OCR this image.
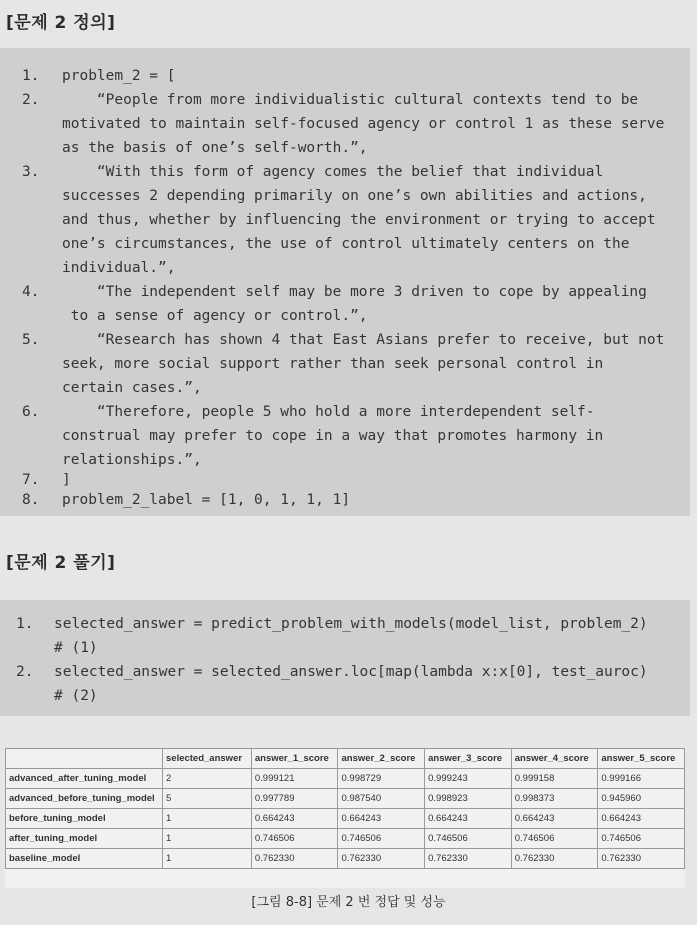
[문제 2 정의]
1. problem_2 = [
2. “People from more individualistic cultural contexts tend to be
motivated to maintain self-focused agency or control 1 as these serve
as the basis of one’s self-worth.”,
3. “With this form of agency comes the belief that individual
successes 2 depending primarily on one’s own abilities and actions,
and thus, whether by influencing the environment or trying to accept
one’s circumstances, the use of control ultimately centers on the
individual.”,
4. “The independent self may be more 3 driven to cope by appealing
to a sense of agency or control.”,
5. “Research has shown 4 that East Asians prefer to receive, but not
seek, more social support rather than seek personal control in
certain cases.”,
6. “Therefore, people 5 who hold a more interdependent self-
construal may prefer to cope in a way that promotes harmony in
relationships.”,
7. ]
8. problem_2_label = [1, 0, 1, 1, 1]
[문제 2 풀기]
1. selected_answer = predict_problem_with_models(model_list, problem_2)
# (1)
2. selected_answer = selected_answer.loc[map(lambda x:x[0], test_auroc)
# (2)
	selected_answer	answer_1_score	answer_2_score	answer_3_score	answer_4_score	answer_5_score
advanced_after_tuning_model	2	0.999121	0.998729	0.999243	0.999158	0.999166
advanced_before_tuning_model	5	0.997789	0.987540	0.998923	0.998373	0.945960
before_tuning_model	1	0.664243	0.664243	0.664243	0.664243	0.664243
after_tuning_model	1	0.746506	0.746506	0.746506	0.746506	0.746506
baseline_model	1	0.762330	0.762330	0.762330	0.762330	0.762330
[그림 8-8] 문제 2 번 정답 및 성능
